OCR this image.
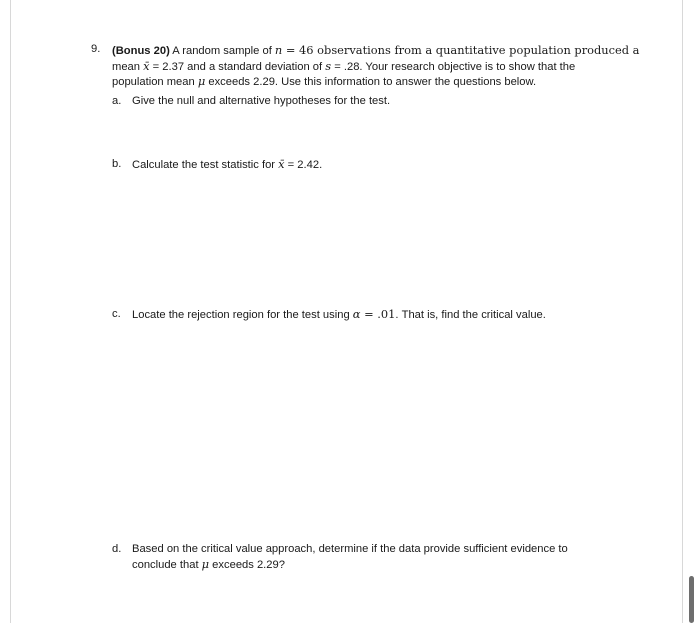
9. (Bonus 20) A random sample of n = 46 observations from a quantitative population produced a
mean x̄ = 2.37 and a standard deviation of s = .28. Your research objective is to show that the
population mean μ exceeds 2.29. Use this information to answer the questions below.
a. Give the null and alternative hypotheses for the test.
b. Calculate the test statistic for x̄ = 2.42.
c. Locate the rejection region for the test using α = .01. That is, find the critical value.
d. Based on the critical value approach, determine if the data provide sufficient evidence to
conclude that μ exceeds 2.29?
